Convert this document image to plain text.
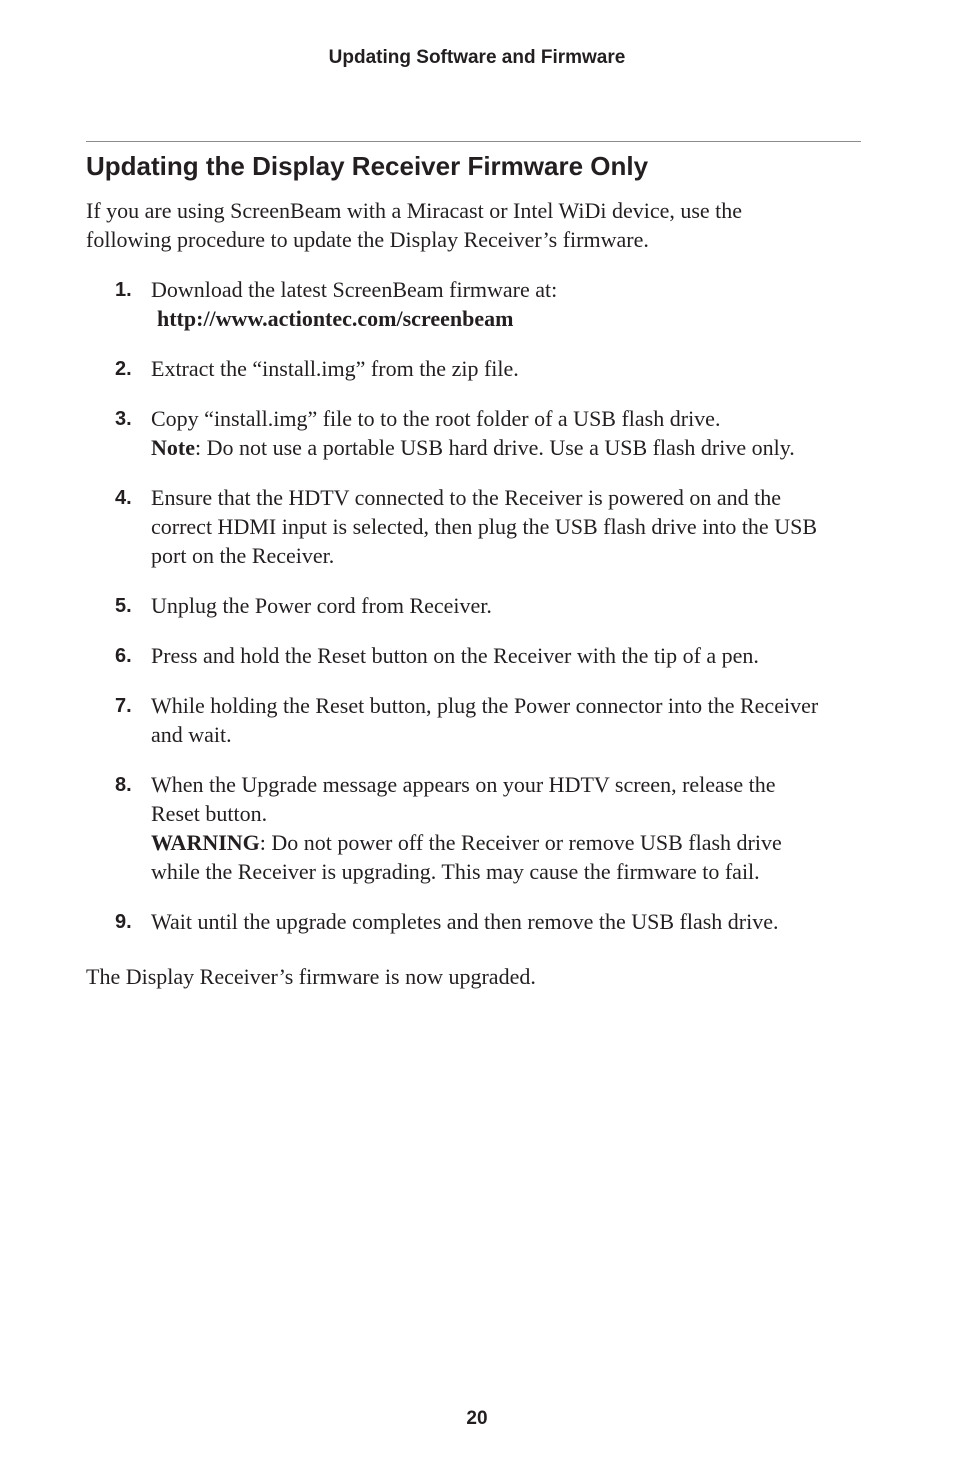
Updating Software and Firmware
Updating the Display Receiver Firmware Only

If you are using ScreenBeam with a Miracast or Intel WiDi device, use the
following procedure to update the Display Receiver’s firmware.

1. Download the latest ScreenBeam firmware at:
http://www.actiontec.com/screenbeam
2. Extract the “install.img” from the zip file.
3. Copy “install.img” file to to the root folder of a USB flash drive.
Note: Do not use a portable USB hard drive. Use a USB flash drive only.
4. Ensure that the HDTV connected to the Receiver is powered on and the
correct HDMI input is selected, then plug the USB flash drive into the USB
port on the Receiver.
5. Unplug the Power cord from Receiver.
6. Press and hold the Reset button on the Receiver with the tip of a pen.
7. While holding the Reset button, plug the Power connector into the Receiver
and wait.
8. When the Upgrade message appears on your HDTV screen, release the
Reset button.
WARNING: Do not power off the Receiver or remove USB flash drive
while the Receiver is upgrading. This may cause the firmware to fail.
9. Wait until the upgrade completes and then remove the USB flash drive.

The Display Receiver’s firmware is now upgraded.

20
